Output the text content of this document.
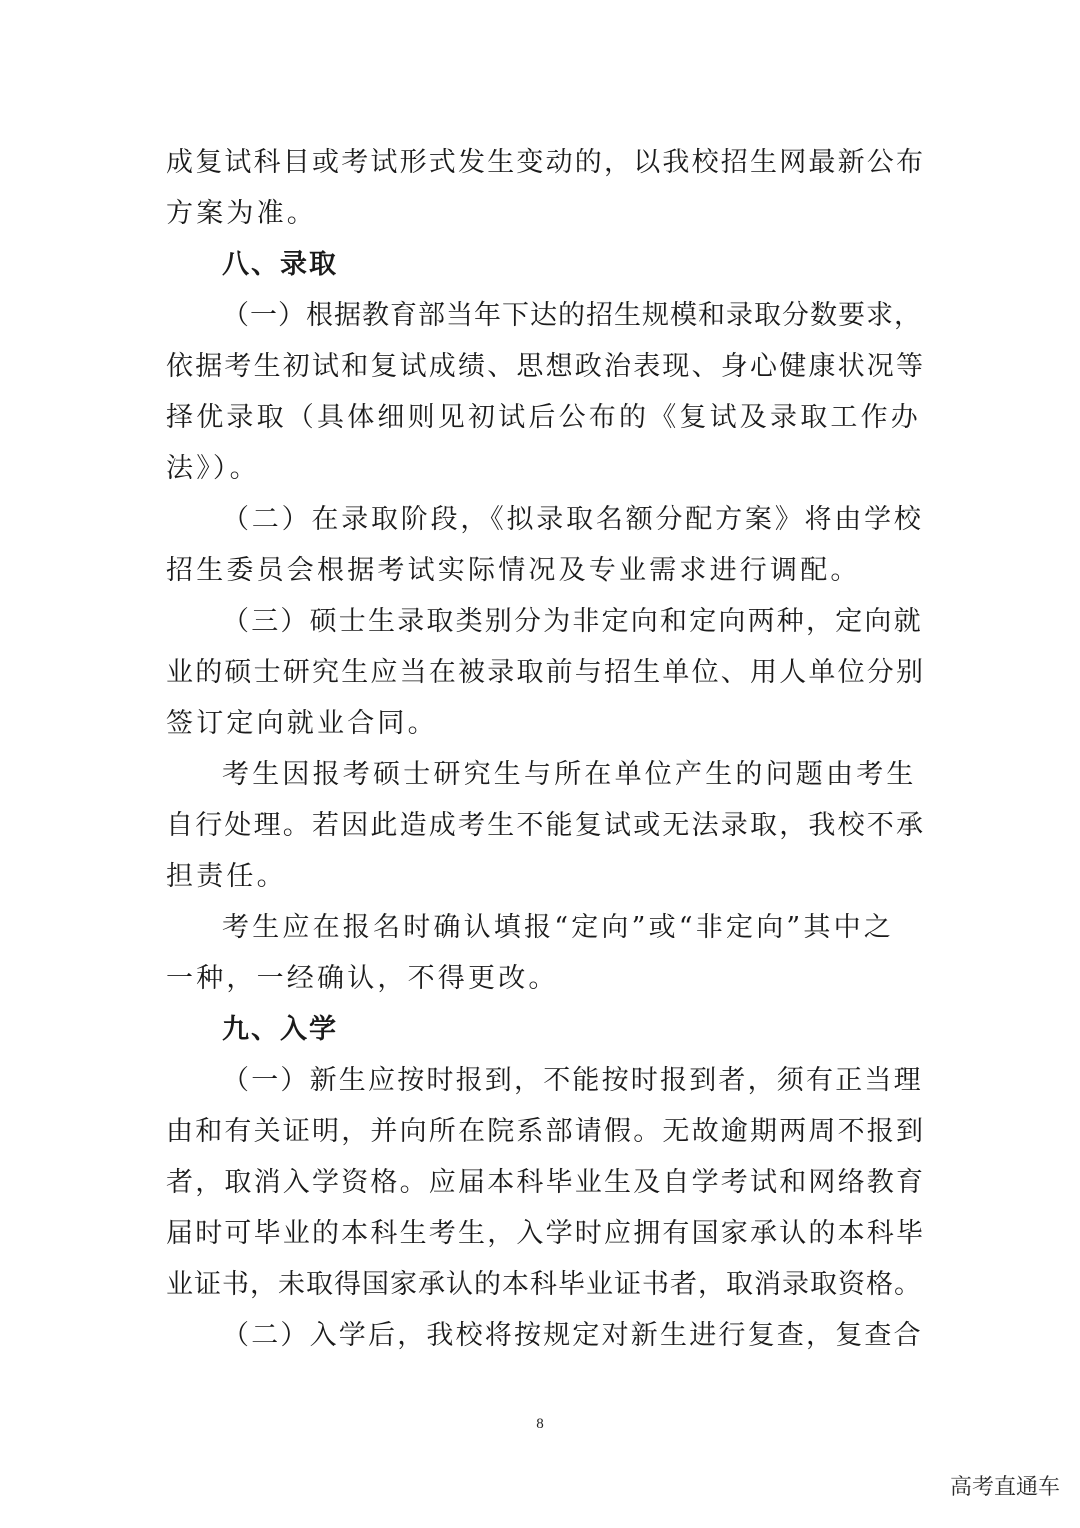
成复试科目或考试形式发生变动的，以我校招生网最新公布
方案为准。
八、录取
（一）根据教育部当年下达的招生规模和录取分数要求，
依据考生初试和复试成绩、思想政治表现、身心健康状况等
择优录取（具体细则见初试后公布的《复试及录取工作办
法》）。
（二）在录取阶段，《拟录取名额分配方案》将由学校
招生委员会根据考试实际情况及专业需求进行调配。
（三）硕士生录取类别分为非定向和定向两种，定向就
业的硕士研究生应当在被录取前与招生单位、用人单位分别
签订定向就业合同。
考生因报考硕士研究生与所在单位产生的问题由考生
自行处理。若因此造成考生不能复试或无法录取，我校不承
担责任。
考生应在报名时确认填报“定向”或“非定向”其中之
一种，一经确认，不得更改。
九、入学
（一）新生应按时报到，不能按时报到者，须有正当理
由和有关证明，并向所在院系部请假。无故逾期两周不报到
者，取消入学资格。应届本科毕业生及自学考试和网络教育
届时可毕业的本科生考生，入学时应拥有国家承认的本科毕
业证书，未取得国家承认的本科毕业证书者，取消录取资格。
（二）入学后，我校将按规定对新生进行复查，复查合
8
高考直通车
